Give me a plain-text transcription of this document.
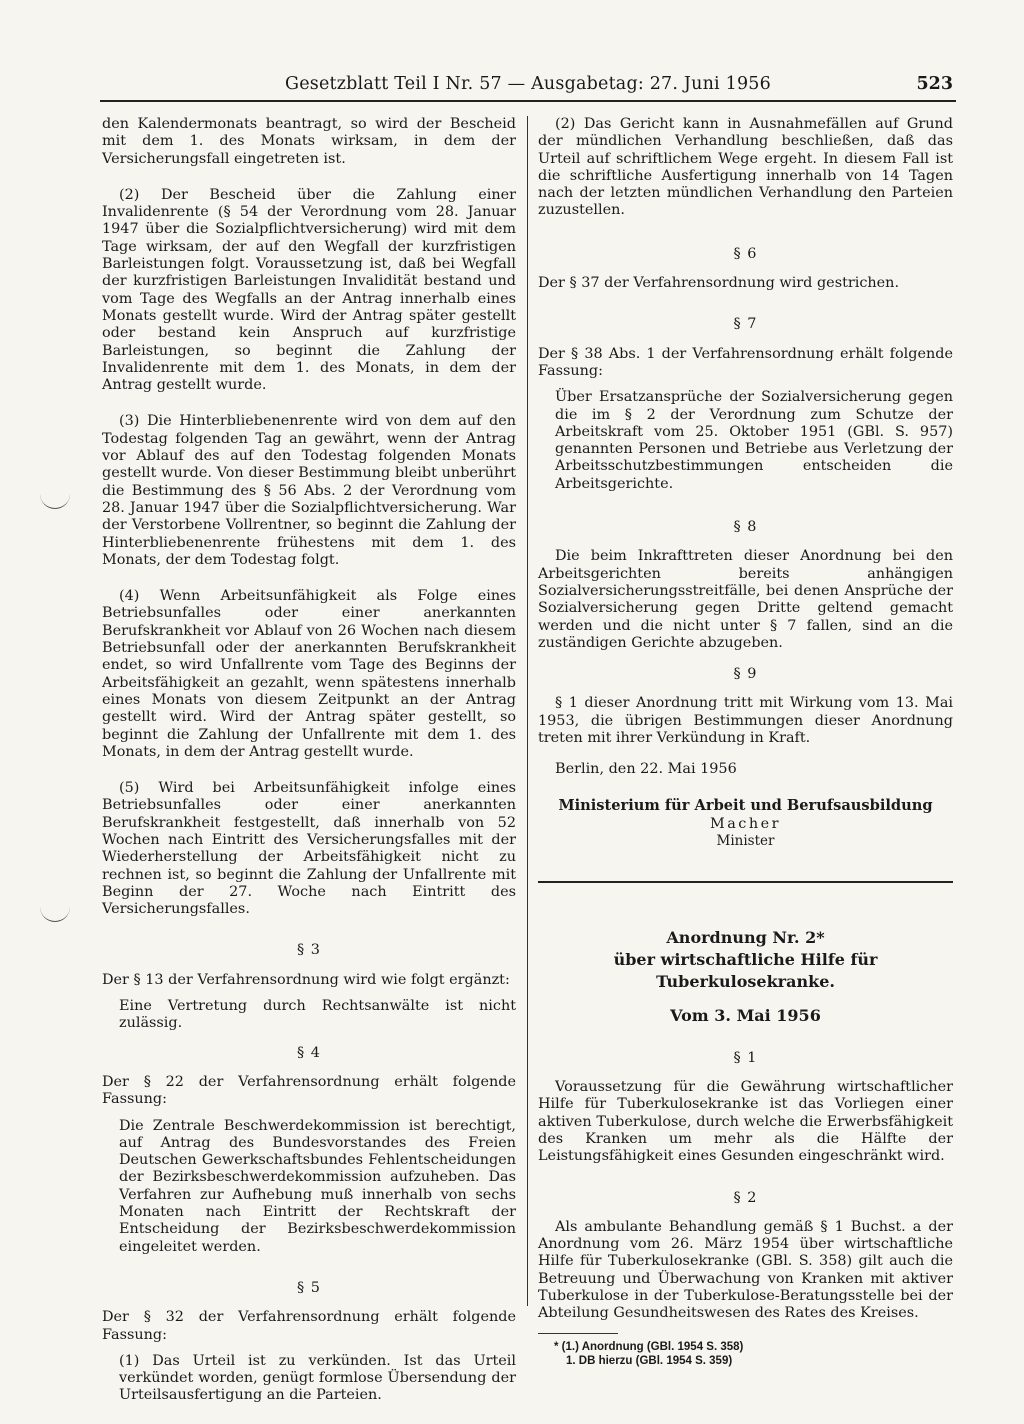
Gesetzblatt Teil I Nr. 57 — Ausgabetag: 27. Juni 1956	523

den Kalendermonats beantragt, so wird der Bescheid mit dem 1. des Monats wirksam, in dem der Versicherungsfall eingetreten ist.

(2) Der Bescheid über die Zahlung einer Invalidenrente (§ 54 der Verordnung vom 28. Januar 1947 über die Sozialpflichtversicherung) wird mit dem Tage wirksam, der auf den Wegfall der kurzfristigen Barleistungen folgt. Voraussetzung ist, daß bei Wegfall der kurzfristigen Barleistungen Invalidität bestand und vom Tage des Wegfalls an der Antrag innerhalb eines Monats gestellt wurde. Wird der Antrag später gestellt oder bestand kein Anspruch auf kurzfristige Barleistungen, so beginnt die Zahlung der Invalidenrente mit dem 1. des Monats, in dem der Antrag gestellt wurde.

(3) Die Hinterbliebenenrente wird von dem auf den Todestag folgenden Tag an gewährt, wenn der Antrag vor Ablauf des auf den Todestag folgenden Monats gestellt wurde. Von dieser Bestimmung bleibt unberührt die Bestimmung des § 56 Abs. 2 der Verordnung vom 28. Januar 1947 über die Sozialpflichtversicherung. War der Verstorbene Vollrentner, so beginnt die Zahlung der Hinterbliebenenrente frühestens mit dem 1. des Monats, der dem Todestag folgt.

(4) Wenn Arbeitsunfähigkeit als Folge eines Betriebsunfalles oder einer anerkannten Berufskrankheit vor Ablauf von 26 Wochen nach diesem Betriebsunfall oder der anerkannten Berufskrankheit endet, so wird Unfallrente vom Tage des Beginns der Arbeitsfähigkeit an gezahlt, wenn spätestens innerhalb eines Monats von diesem Zeitpunkt an der Antrag gestellt wird. Wird der Antrag später gestellt, so beginnt die Zahlung der Unfallrente mit dem 1. des Monats, in dem der Antrag gestellt wurde.

(5) Wird bei Arbeitsunfähigkeit infolge eines Betriebsunfalles oder einer anerkannten Berufskrankheit festgestellt, daß innerhalb von 52 Wochen nach Eintritt des Versicherungsfalles mit der Wiederherstellung der Arbeitsfähigkeit nicht zu rechnen ist, so beginnt die Zahlung der Unfallrente mit Beginn der 27. Woche nach Eintritt des Versicherungsfalles.

§ 3

Der § 13 der Verfahrensordnung wird wie folgt ergänzt:

Eine Vertretung durch Rechtsanwälte ist nicht zulässig.

§ 4

Der § 22 der Verfahrensordnung erhält folgende Fassung:

Die Zentrale Beschwerdekommission ist berechtigt, auf Antrag des Bundesvorstandes des Freien Deutschen Gewerkschaftsbundes Fehlentscheidungen der Bezirksbeschwerdekommission aufzuheben. Das Verfahren zur Aufhebung muß innerhalb von sechs Monaten nach Eintritt der Rechtskraft der Entscheidung der Bezirksbeschwerdekommission eingeleitet werden.

§ 5

Der § 32 der Verfahrensordnung erhält folgende Fassung:

(1) Das Urteil ist zu verkünden. Ist das Urteil verkündet worden, genügt formlose Übersendung der Urteilsausfertigung an die Parteien.

(2) Das Gericht kann in Ausnahmefällen auf Grund der mündlichen Verhandlung beschließen, daß das Urteil auf schriftlichem Wege ergeht. In diesem Fall ist die schriftliche Ausfertigung innerhalb von 14 Tagen nach der letzten mündlichen Verhandlung den Parteien zuzustellen.

§ 6

Der § 37 der Verfahrensordnung wird gestrichen.

§ 7

Der § 38 Abs. 1 der Verfahrensordnung erhält folgende Fassung:

Über Ersatzansprüche der Sozialversicherung gegen die im § 2 der Verordnung zum Schutze der Arbeitskraft vom 25. Oktober 1951 (GBl. S. 957) genannten Personen und Betriebe aus Verletzung der Arbeitsschutzbestimmungen entscheiden die Arbeitsgerichte.

§ 8

Die beim Inkrafttreten dieser Anordnung bei den Arbeitsgerichten bereits anhängigen Sozialversicherungsstreitfälle, bei denen Ansprüche der Sozialversicherung gegen Dritte geltend gemacht werden und die nicht unter § 7 fallen, sind an die zuständigen Gerichte abzugeben.

§ 9

§ 1 dieser Anordnung tritt mit Wirkung vom 13. Mai 1953, die übrigen Bestimmungen dieser Anordnung treten mit ihrer Verkündung in Kraft.

Berlin, den 22. Mai 1956

Ministerium für Arbeit und Berufsausbildung

Macher

Minister

Anordnung Nr. 2*
über wirtschaftliche Hilfe für Tuberkulosekranke.

Vom 3. Mai 1956

§ 1

Voraussetzung für die Gewährung wirtschaftlicher Hilfe für Tuberkulosekranke ist das Vorliegen einer aktiven Tuberkulose, durch welche die Erwerbsfähigkeit des Kranken um mehr als die Hälfte der Leistungsfähigkeit eines Gesunden eingeschränkt wird.

§ 2

Als ambulante Behandlung gemäß § 1 Buchst. a der Anordnung vom 26. März 1954 über wirtschaftliche Hilfe für Tuberkulosekranke (GBl. S. 358) gilt auch die Betreuung und Überwachung von Kranken mit aktiver Tuberkulose in der Tuberkulose-Beratungsstelle bei der Abteilung Gesundheitswesen des Rates des Kreises.

* (1.) Anordnung (GBl. 1954 S. 358)

1. DB hierzu (GBl. 1954 S. 359)
